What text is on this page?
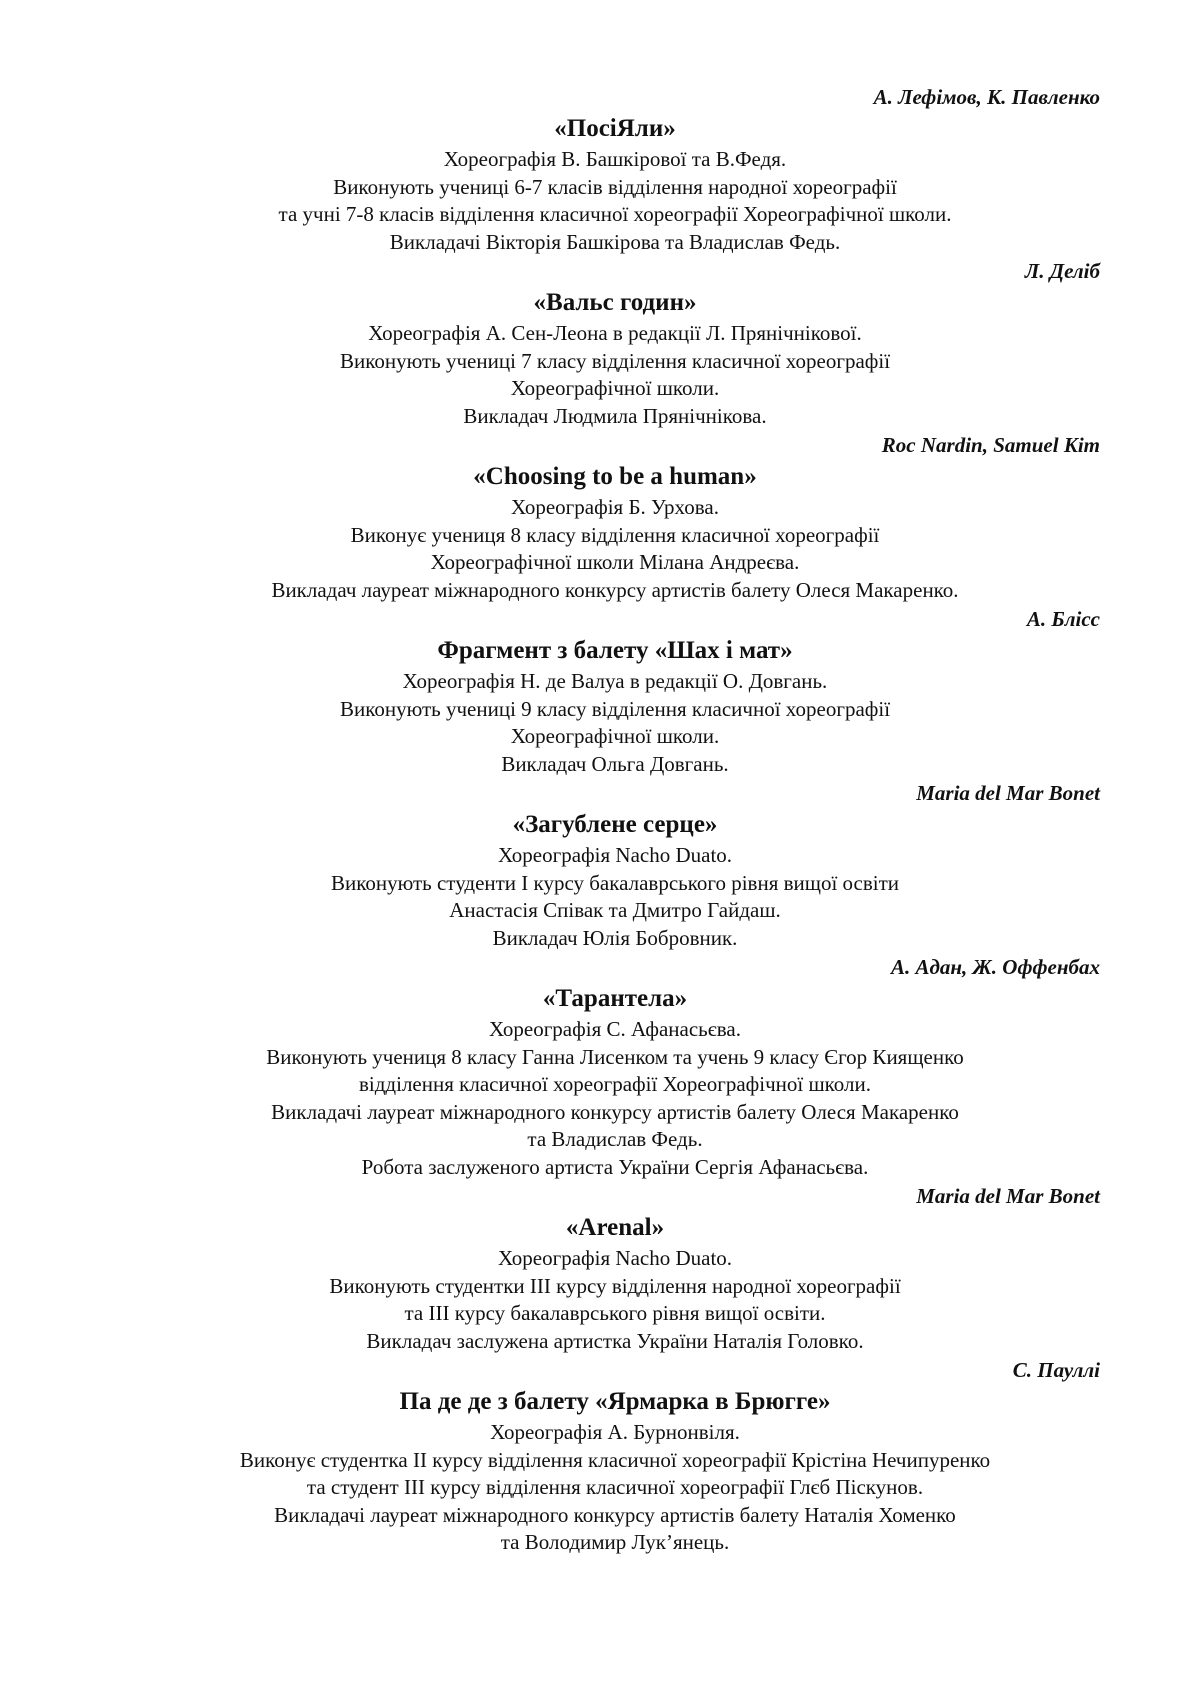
А. Лефімов, К. Павленко
«ПосіЯли»
Хореографія В. Башкірової та В.Федя.
Виконують учениці 6-7 класів відділення народної хореографії
та учні 7-8 класів відділення класичної хореографії Хореографічної школи.
Викладачі Вікторія Башкірова та Владислав Федь.
Л. Деліб
«Вальс годин»
Хореографія А. Сен-Леона в редакції Л. Прянічнікової.
Виконують учениці 7 класу відділення класичної хореографії
Хореографічної школи.
Викладач Людмила Прянічнікова.
Roc Nardin, Samuel Kim
«Choosing to be a human»
Хореографія Б. Урхова.
Виконує учениця 8 класу відділення класичної хореографії
Хореографічної школи Мілана Андреєва.
Викладач лауреат міжнародного конкурсу артистів балету Олеся Макаренко.
А. Блісс
Фрагмент з балету «Шах і мат»
Хореографія Н. де Валуа в редакції О. Довгань.
Виконують учениці 9 класу відділення класичної хореографії
Хореографічної школи.
Викладач Ольга Довгань.
Maria del Mar Bonet
«Загублене серце»
Хореографія Nacho Duato.
Виконують студенти І курсу бакалаврського рівня вищої освіти
Анастасія Співак та Дмитро Гайдаш.
Викладач Юлія Бобровник.
А. Адан, Ж. Оффенбах
«Тарантела»
Хореографія С. Афанасьєва.
Виконують учениця 8 класу Ганна Лисенком та учень 9 класу Єгор Киященко
відділення класичної хореографії Хореографічної школи.
Викладачі лауреат міжнародного конкурсу артистів балету Олеся Макаренко
та Владислав Федь.
Робота заслуженого артиста України Сергія Афанасьєва.
Maria del Mar Bonet
«Arenal»
Хореографія Nacho Duato.
Виконують студентки ІІІ курсу відділення народної хореографії
та ІІІ курсу бакалаврського рівня вищої освіти.
Викладач заслужена артистка України Наталія Головко.
С. Пауллі
Па де де з балету «Ярмарка в Брюгге»
Хореографія А. Бурнонвіля.
Виконує студентка ІІ курсу відділення класичної хореографії Крістіна Нечипуренко
та студент ІІІ курсу відділення класичної хореографії Глєб Піскунов.
Викладачі лауреат міжнародного конкурсу артистів балету Наталія Хоменко
та Володимир Лук’янець.
